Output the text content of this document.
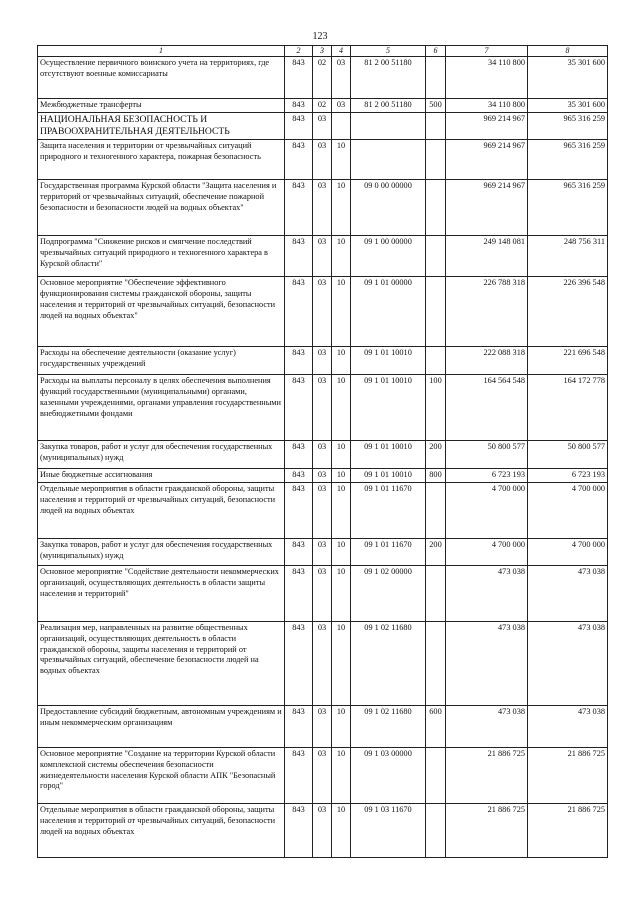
123
1	2	3	4	5	6	7	8
Осуществление первичного воинского учета на территориях, где отсутствуют военные комиссариаты	843	02	03	81 2 00 51180		34 110 800	35 301 600
Межбюджетные трансферты	843	02	03	81 2 00 51180	500	34 110 800	35 301 600
НАЦИОНАЛЬНАЯ БЕЗОПАСНОСТЬ И ПРАВООХРАНИТЕЛЬНАЯ ДЕЯТЕЛЬНОСТЬ	843	03				969 214 967	965 316 259
Защита населения и территории от чрезвычайных ситуаций природного и техногенного характера, пожарная безопасность	843	03	10			969 214 967	965 316 259
Государственная программа Курской области "Защита населения и территорий от чрезвычайных ситуаций, обеспечение пожарной безопасности и безопасности людей на водных объектах"	843	03	10	09 0 00 00000		969 214 967	965 316 259
Подпрограмма "Снижение рисков и смягчение последствий чрезвычайных ситуаций природного и техногенного характера в Курской области"	843	03	10	09 1 00 00000		249 148 081	248 756 311
Основное мероприятие "Обеспечение эффективного функционирования системы гражданской обороны, защиты населения и территорий от чрезвычайных ситуаций, безопасности людей на водных объектах"	843	03	10	09 1 01 00000		226 788 318	226 396 548
Расходы на обеспечение деятельности (оказание услуг) государственных учреждений	843	03	10	09 1 01 10010		222 088 318	221 696 548
Расходы на выплаты персоналу в целях обеспечения выполнения функций государственными (муниципальными) органами, казенными учреждениями, органами управления государственными внебюджетными фондами	843	03	10	09 1 01 10010	100	164 564 548	164 172 778
Закупка товаров, работ и услуг для обеспечения государственных (муниципальных) нужд	843	03	10	09 1 01 10010	200	50 800 577	50 800 577
Иные бюджетные ассигнования	843	03	10	09 1 01 10010	800	6 723 193	6 723 193
Отдельные мероприятия в области гражданской обороны, защиты населения и территорий от чрезвычайных ситуаций, безопасности людей на водных объектах	843	03	10	09 1 01 11670		4 700 000	4 700 000
Закупка товаров, работ и услуг для обеспечения государственных (муниципальных) нужд	843	03	10	09 1 01 11670	200	4 700 000	4 700 000
Основное мероприятие "Содействие деятельности некоммерческих организаций, осуществляющих деятельность в области защиты населения и территорий"	843	03	10	09 1 02 00000		473 038	473 038
Реализация мер, направленных на развитие общественных организаций, осуществляющих деятельность в области гражданской обороны, защиты населения и территорий от чрезвычайных ситуаций, обеспечение безопасности людей на водных объектах	843	03	10	09 1 02 11680		473 038	473 038
Предоставление субсидий бюджетным, автономным учреждениям и иным некоммерческим организациям	843	03	10	09 1 02 11680	600	473 038	473 038
Основное мероприятие "Создание на территории Курской области комплексной системы обеспечения безопасности жизнедеятельности населения Курской области АПК "Безопасный город"	843	03	10	09 1 03 00000		21 886 725	21 886 725
Отдельные мероприятия в области гражданской обороны, защиты населения и территорий от чрезвычайных ситуаций, безопасности людей на водных объектах	843	03	10	09 1 03 11670		21 886 725	21 886 725
